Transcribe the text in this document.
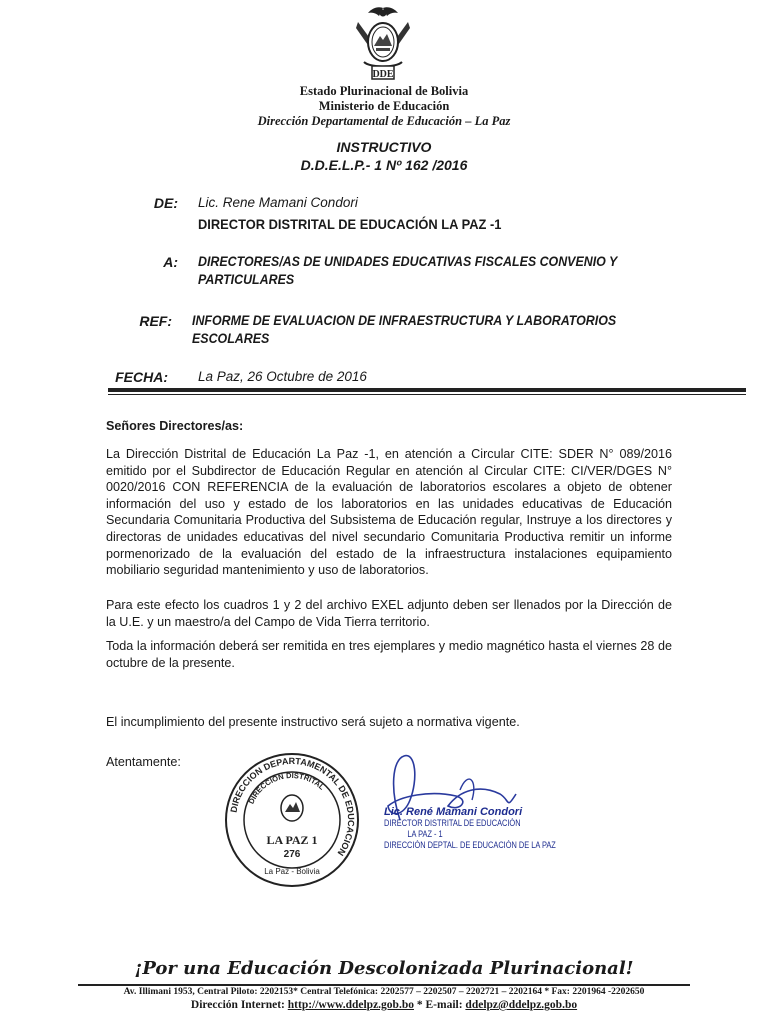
DDE
Estado Plurinacional de Bolivia
Ministerio de Educación
Dirección Departamental de Educación – La Paz
INSTRUCTIVO
D.D.E.L.P.- 1 Nº 162 /2016
DE: Lic. Rene Mamani Condori
DIRECTOR DISTRITAL DE EDUCACIÓN LA PAZ -1
A: DIRECTORES/AS DE UNIDADES EDUCATIVAS FISCALES CONVENIO Y
PARTICULARES
REF: INFORME DE EVALUACION DE INFRAESTRUCTURA Y LABORATORIOS
ESCOLARES
FECHA: La Paz, 26 Octubre de 2016
Señores Directores/as:
La Dirección Distrital de Educación La Paz -1, en atención a Circular CITE: SDER N° 089/2016 emitido por el Subdirector de Educación Regular en atención al Circular CITE: CI/VER/DGES N° 0020/2016 CON REFERENCIA de la evaluación de laboratorios escolares a objeto de obtener información del uso y estado de los laboratorios en las unidades educativas de Educación Secundaria Comunitaria Productiva del Subsistema de Educación regular, Instruye a los directores y directoras de unidades educativas del nivel secundario Comunitaria Productiva remitir un informe pormenorizado de la evaluación del estado de la infraestructura instalaciones equipamiento mobiliario seguridad mantenimiento y uso de laboratorios.
Para este efecto los cuadros 1 y 2 del archivo EXEL adjunto deben ser llenados por la Dirección de la U.E. y un maestro/a del Campo de Vida Tierra territorio.
Toda la información deberá ser remitida en tres ejemplares y medio magnético hasta el viernes 28 de octubre de la presente.
El incumplimiento del presente instructivo será sujeto a normativa vigente.
Atentamente:
DIRECCION DEPARTAMENTAL DE EDUCACION
DIRECCION DISTRITAL
LA PAZ 1
276
La Paz - Bolivia
Lic. René Mamani Condori
DIRECTOR DISTRITAL DE EDUCACIÓN
LA PAZ - 1
DIRECCIÓN DEPTAL. DE EDUCACIÓN DE LA PAZ
¡Por una Educación Descolonizada Plurinacional!
Av. Illimani 1953, Central Piloto: 2202153* Central Telefónica: 2202577 – 2202507 – 2202721 – 2202164 * Fax: 2201964 -2202650
Dirección Internet: http://www.ddelpz.gob.bo * E-mail: ddelpz@ddelpz.gob.bo
